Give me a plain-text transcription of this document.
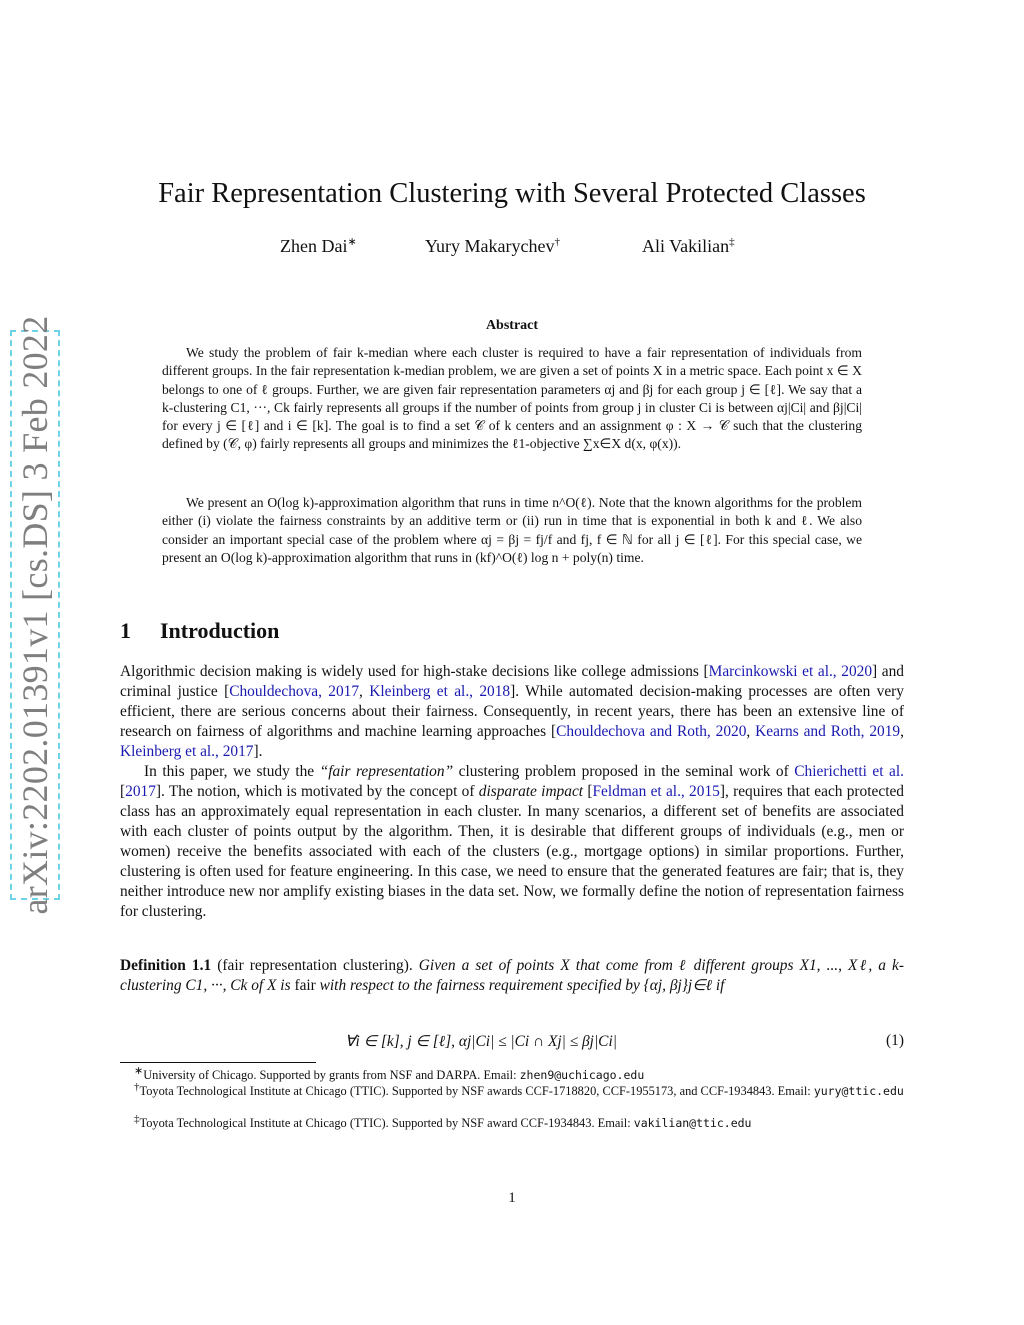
arXiv:2202.01391v1 [cs.DS] 3 Feb 2022
Fair Representation Clustering with Several Protected Classes
Zhen Dai∗	Yury Makarychev†	Ali Vakilian‡
Abstract
We study the problem of fair k-median where each cluster is required to have a fair representation of individuals from different groups. In the fair representation k-median problem, we are given a set of points X in a metric space. Each point x ∈ X belongs to one of ℓ groups. Further, we are given fair representation parameters αj and βj for each group j ∈ [ℓ]. We say that a k-clustering C1, ···, Ck fairly represents all groups if the number of points from group j in cluster Ci is between αj|Ci| and βj|Ci| for every j ∈ [ℓ] and i ∈ [k]. The goal is to find a set 𝒞 of k centers and an assignment φ : X → 𝒞 such that the clustering defined by (𝒞, φ) fairly represents all groups and minimizes the ℓ1-objective ∑x∈X d(x, φ(x)).
We present an O(log k)-approximation algorithm that runs in time n^O(ℓ). Note that the known algorithms for the problem either (i) violate the fairness constraints by an additive term or (ii) run in time that is exponential in both k and ℓ. We also consider an important special case of the problem where αj = βj = fj/f and fj, f ∈ ℕ for all j ∈ [ℓ]. For this special case, we present an O(log k)-approximation algorithm that runs in (kf)^O(ℓ) log n + poly(n) time.
1 Introduction
Algorithmic decision making is widely used for high-stake decisions like college admissions [Marcinkowski et al., 2020] and criminal justice [Chouldechova, 2017, Kleinberg et al., 2018]. While automated decision-making processes are often very efficient, there are serious concerns about their fairness. Consequently, in recent years, there has been an extensive line of research on fairness of algorithms and machine learning approaches [Chouldechova and Roth, 2020, Kearns and Roth, 2019, Kleinberg et al., 2017].
In this paper, we study the “fair representation” clustering problem proposed in the seminal work of Chierichetti et al. [2017]. The notion, which is motivated by the concept of disparate impact [Feldman et al., 2015], requires that each protected class has an approximately equal representation in each cluster. In many scenarios, a different set of benefits are associated with each cluster of points output by the algorithm. Then, it is desirable that different groups of individuals (e.g., men or women) receive the benefits associated with each of the clusters (e.g., mortgage options) in similar proportions. Further, clustering is often used for feature engineering. In this case, we need to ensure that the generated features are fair; that is, they neither introduce new nor amplify existing biases in the data set. Now, we formally define the notion of representation fairness for clustering.
Definition 1.1 (fair representation clustering). Given a set of points X that come from ℓ different groups X1, ..., Xℓ, a k-clustering C1, ···, Ck of X is fair with respect to the fairness requirement specified by {αj, βj}j∈ℓ if
∀i ∈ [k], j ∈ [ℓ], αj|Ci| ≤ |Ci ∩ Xj| ≤ βj|Ci|	(1)
∗University of Chicago. Supported by grants from NSF and DARPA. Email: zhen9@uchicago.edu
†Toyota Technological Institute at Chicago (TTIC). Supported by NSF awards CCF-1718820, CCF-1955173, and CCF-1934843. Email: yury@ttic.edu
‡Toyota Technological Institute at Chicago (TTIC). Supported by NSF award CCF-1934843. Email: vakilian@ttic.edu
1
